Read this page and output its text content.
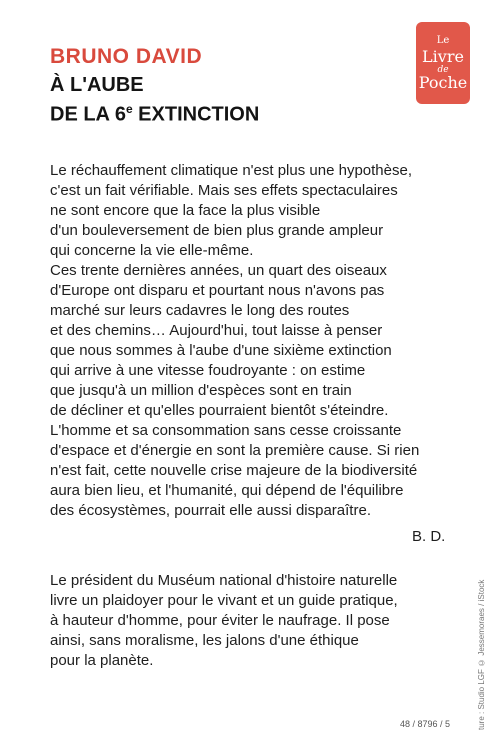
BRUNO DAVID
À L'AUBE
DE LA 6e EXTINCTION
Le
Livre
de
Poche
Le réchauffement climatique n'est plus une hypothèse,
c'est un fait vérifiable. Mais ses effets spectaculaires
ne sont encore que la face la plus visible
d'un bouleversement de bien plus grande ampleur
qui concerne la vie elle-même.
Ces trente dernières années, un quart des oiseaux
d'Europe ont disparu et pourtant nous n'avons pas
marché sur leurs cadavres le long des routes
et des chemins… Aujourd'hui, tout laisse à penser
que nous sommes à l'aube d'une sixième extinction
qui arrive à une vitesse foudroyante : on estime
que jusqu'à un million d'espèces sont en train
de décliner et qu'elles pourraient bientôt s'éteindre.
L'homme et sa consommation sans cesse croissante
d'espace et d'énergie en sont la première cause. Si rien
n'est fait, cette nouvelle crise majeure de la biodiversité
aura bien lieu, et l'humanité, qui dépend de l'équilibre
des écosystèmes, pourrait elle aussi disparaître.
B. D.
Le président du Muséum national d'histoire naturelle
livre un plaidoyer pour le vivant et un guide pratique,
à hauteur d'homme, pour éviter le naufrage. Il pose
ainsi, sans moralisme, les jalons d'une éthique
pour la planète.	ture : Studio LGF © Jessemoraes / iStock
48 / 8796 / 5
